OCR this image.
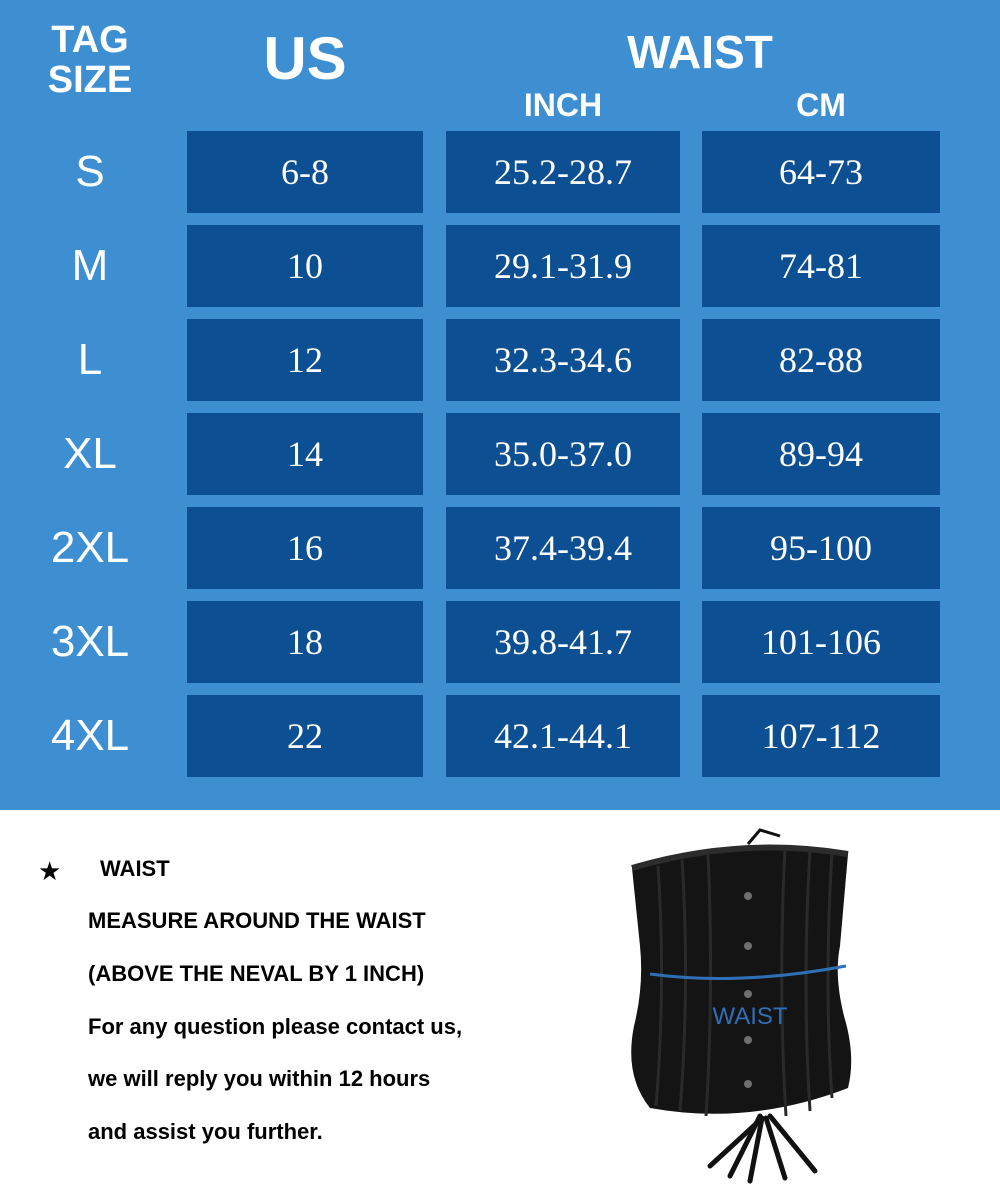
TAG SIZE	US	WAIST
INCH	CM
S	6-8	25.2-28.7	64-73
M	10	29.1-31.9	74-81
L	12	32.3-34.6	82-88
XL	14	35.0-37.0	89-94
2XL	16	37.4-39.4	95-100
3XL	18	39.8-41.7	101-106
4XL	22	42.1-44.1	107-112
★ WAIST
MEASURE AROUND THE WAIST
(ABOVE THE NEVAL BY 1 INCH)
For any question please contact us,
we will reply you within 12 hours
and assist you further.
WAIST
